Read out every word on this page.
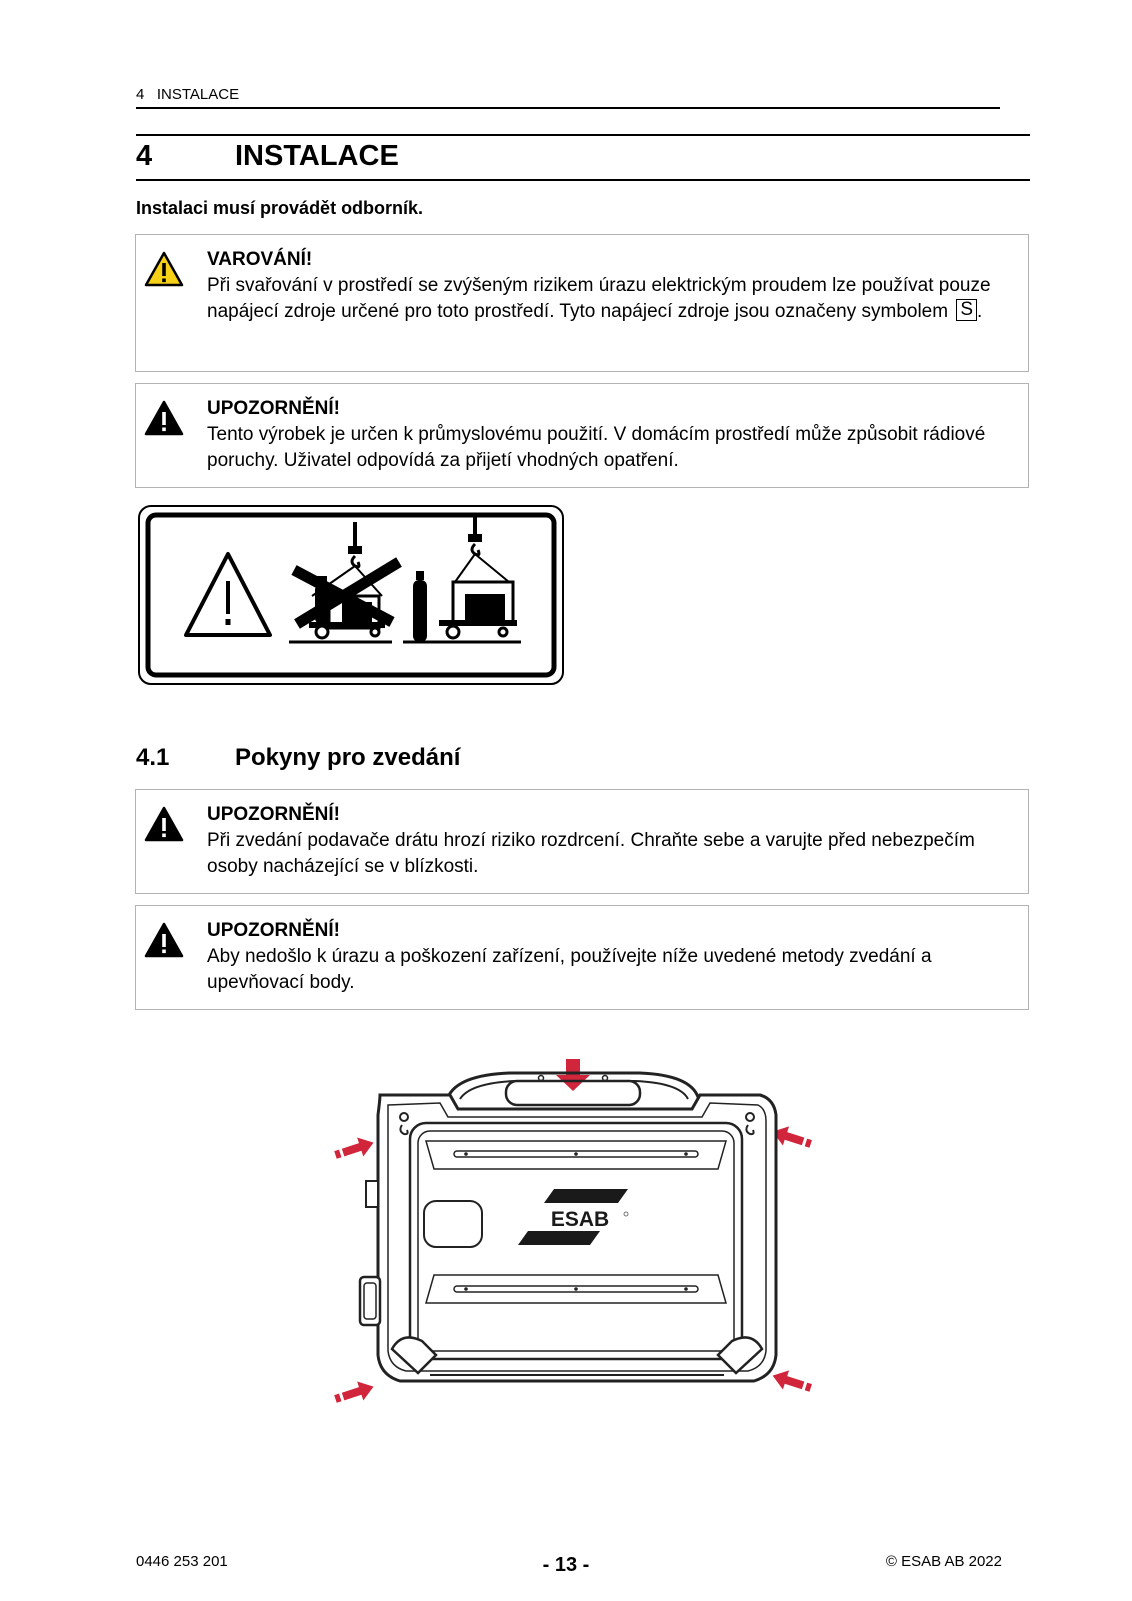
4   INSTALACE
4	INSTALACE
Instalaci musí provádět odborník.
VAROVÁNÍ!
Při svařování v prostředí se zvýšeným rizikem úrazu elektrickým proudem lze používat pouze napájecí zdroje určené pro toto prostředí. Tyto napájecí zdroje jsou označeny symbolem S .
UPOZORNĚNÍ!
Tento výrobek je určen k průmyslovému použití. V domácím prostředí může způsobit rádiové poruchy. Uživatel odpovídá za přijetí vhodných opatření.
4.1	Pokyny pro zvedání
UPOZORNĚNÍ!
Při zvedání podavače drátu hrozí riziko rozdrcení. Chraňte sebe a varujte před nebezpečím osoby nacházející se v blízkosti.
UPOZORNĚNÍ!
Aby nedošlo k úrazu a poškození zařízení, používejte níže uvedené metody zvedání a upevňovací body.
ESAB
0446 253 201	- 13 -	© ESAB AB 2022
